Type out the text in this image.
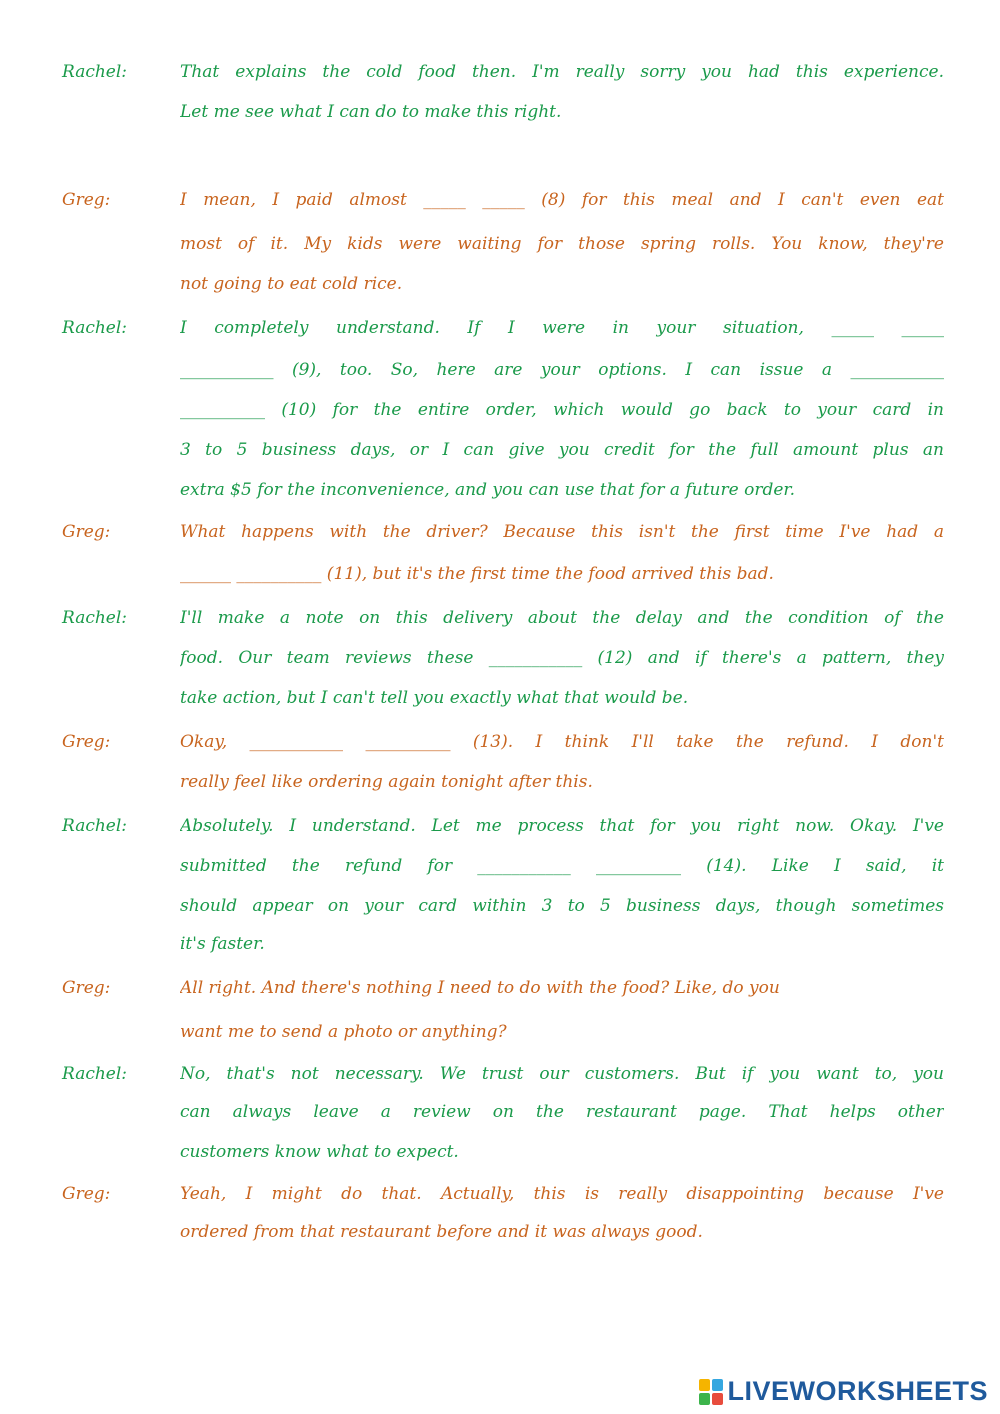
Rachel:	That explains the cold food then. I'm really sorry you had this experience.
Let me see what I can do to make this right.
Greg:	I mean, I paid almost _____ _____ (8) for this meal and I can't even eat
most of it. My kids were waiting for those spring rolls. You know, they're
not going to eat cold rice.
Rachel:	I completely understand. If I were in your situation, _____ _____
___________ (9), too. So, here are your options. I can issue a ___________
__________ (10) for the entire order, which would go back to your card in
3 to 5 business days, or I can give you credit for the full amount plus an
extra $5 for the inconvenience, and you can use that for a future order.
Greg:	What happens with the driver? Because this isn't the first time I've had a
______ __________ (11), but it's the first time the food arrived this bad.
Rachel:	I'll make a note on this delivery about the delay and the condition of the
food. Our team reviews these ___________ (12) and if there's a pattern, they
take action, but I can't tell you exactly what that would be.
Greg:	Okay, ___________ __________ (13). I think I'll take the refund. I don't
really feel like ordering again tonight after this.
Rachel:	Absolutely. I understand. Let me process that for you right now. Okay. I've
submitted the refund for ___________ __________ (14). Like I said, it
should appear on your card within 3 to 5 business days, though sometimes
it's faster.
Greg:	All right. And there's nothing I need to do with the food? Like, do you
want me to send a photo or anything?
Rachel:	No, that's not necessary. We trust our customers. But if you want to, you
can always leave a review on the restaurant page. That helps other
customers know what to expect.
Greg:	Yeah, I might do that. Actually, this is really disappointing because I've
ordered from that restaurant before and it was always good.
LIVEWORKSHEETS
